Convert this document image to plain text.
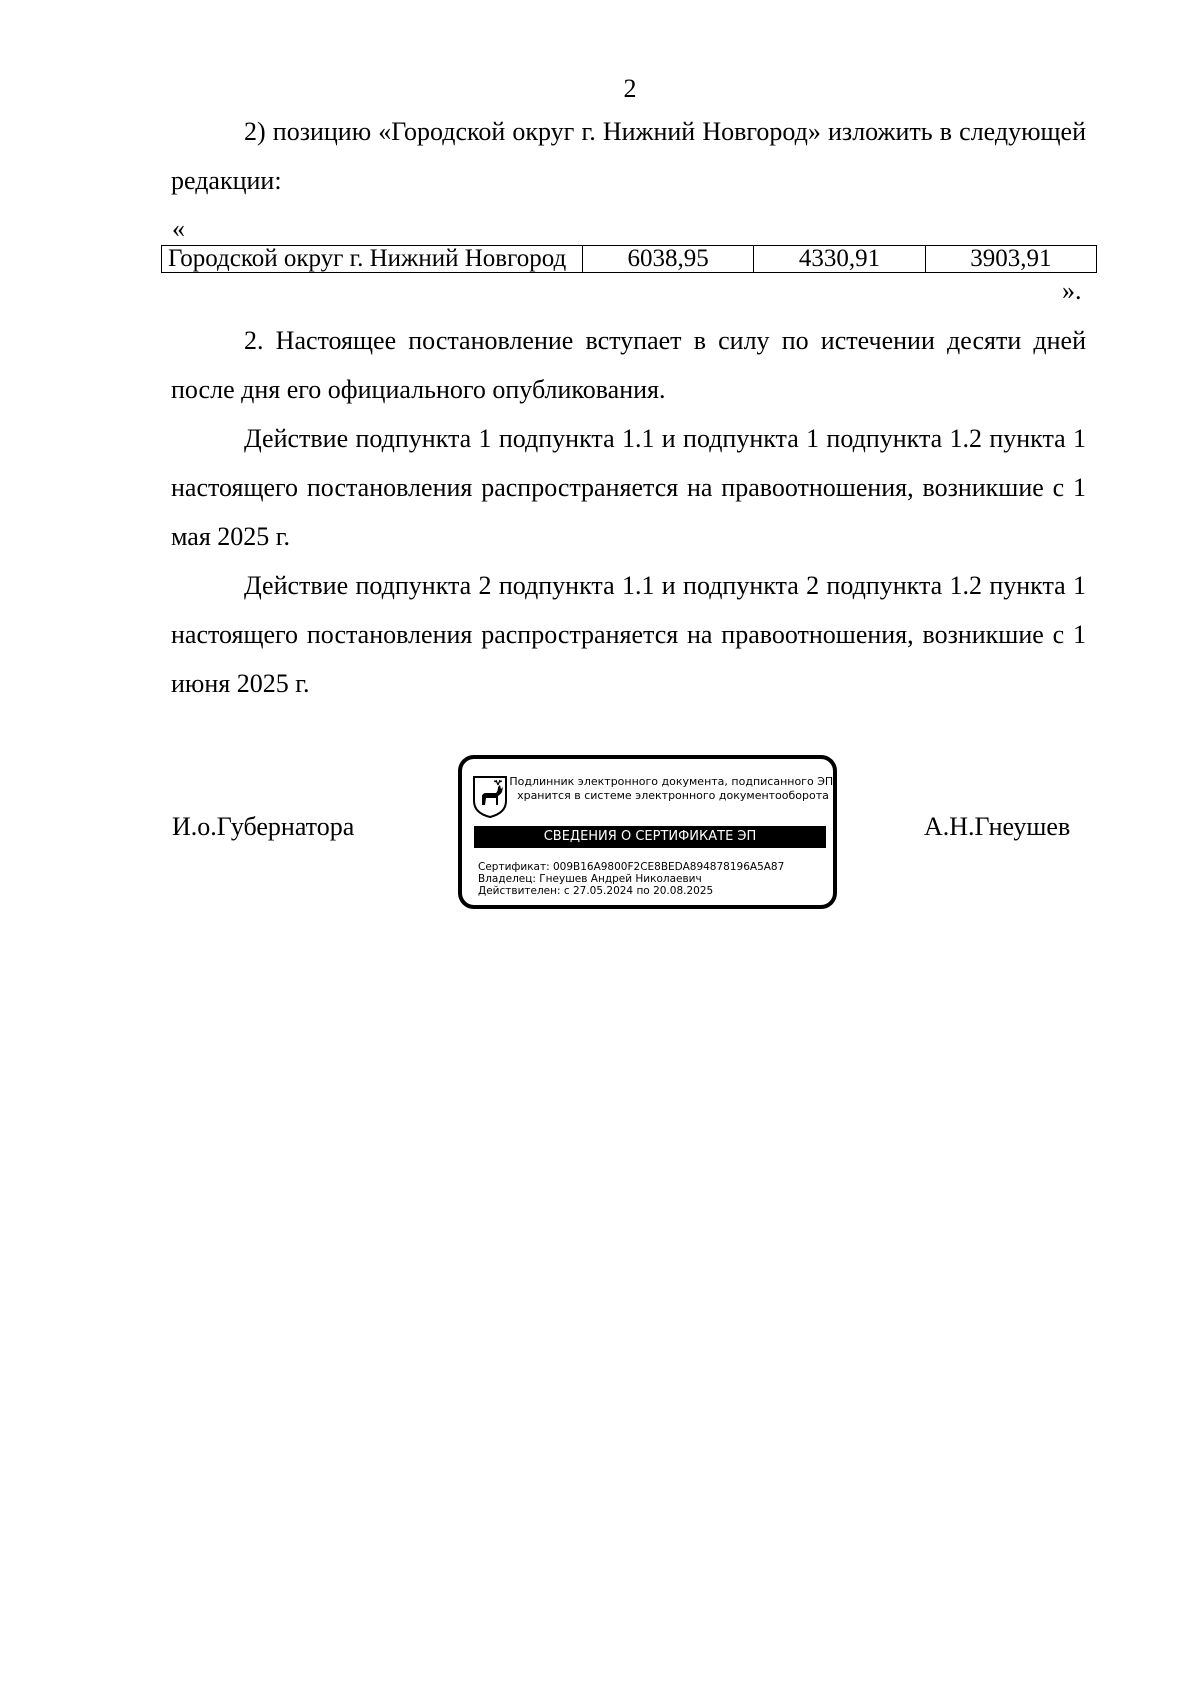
2

2) позицию «Городской округ г. Нижний Новгород» изложить в следующей редакции:

«
Городской округ г. Нижний Новгород	6038,95	4330,91	3903,91
».

2. Настоящее постановление вступает в силу по истечении десяти дней после дня его официального опубликования.

Действие подпункта 1 подпункта 1.1 и подпункта 1 подпункта 1.2 пункта 1 настоящего постановления распространяется на правоотношения, возникшие с 1 мая 2025 г.

Действие подпункта 2 подпункта 1.1 и подпункта 2 подпункта 1.2 пункта 1 настоящего постановления распространяется на правоотношения, возникшие с 1 июня 2025 г.

И.о.Губернатора
Подлинник электронного документа, подписанного ЭП,
хранится в системе электронного документооборота
СВЕДЕНИЯ О СЕРТИФИКАТЕ ЭП
Сертификат: 009B16A9800F2CE8BEDA894878196A5A87
Владелец: Гнеушев Андрей Николаевич
Действителен: с 27.05.2024 по 20.08.2025
А.Н.Гнеушев
